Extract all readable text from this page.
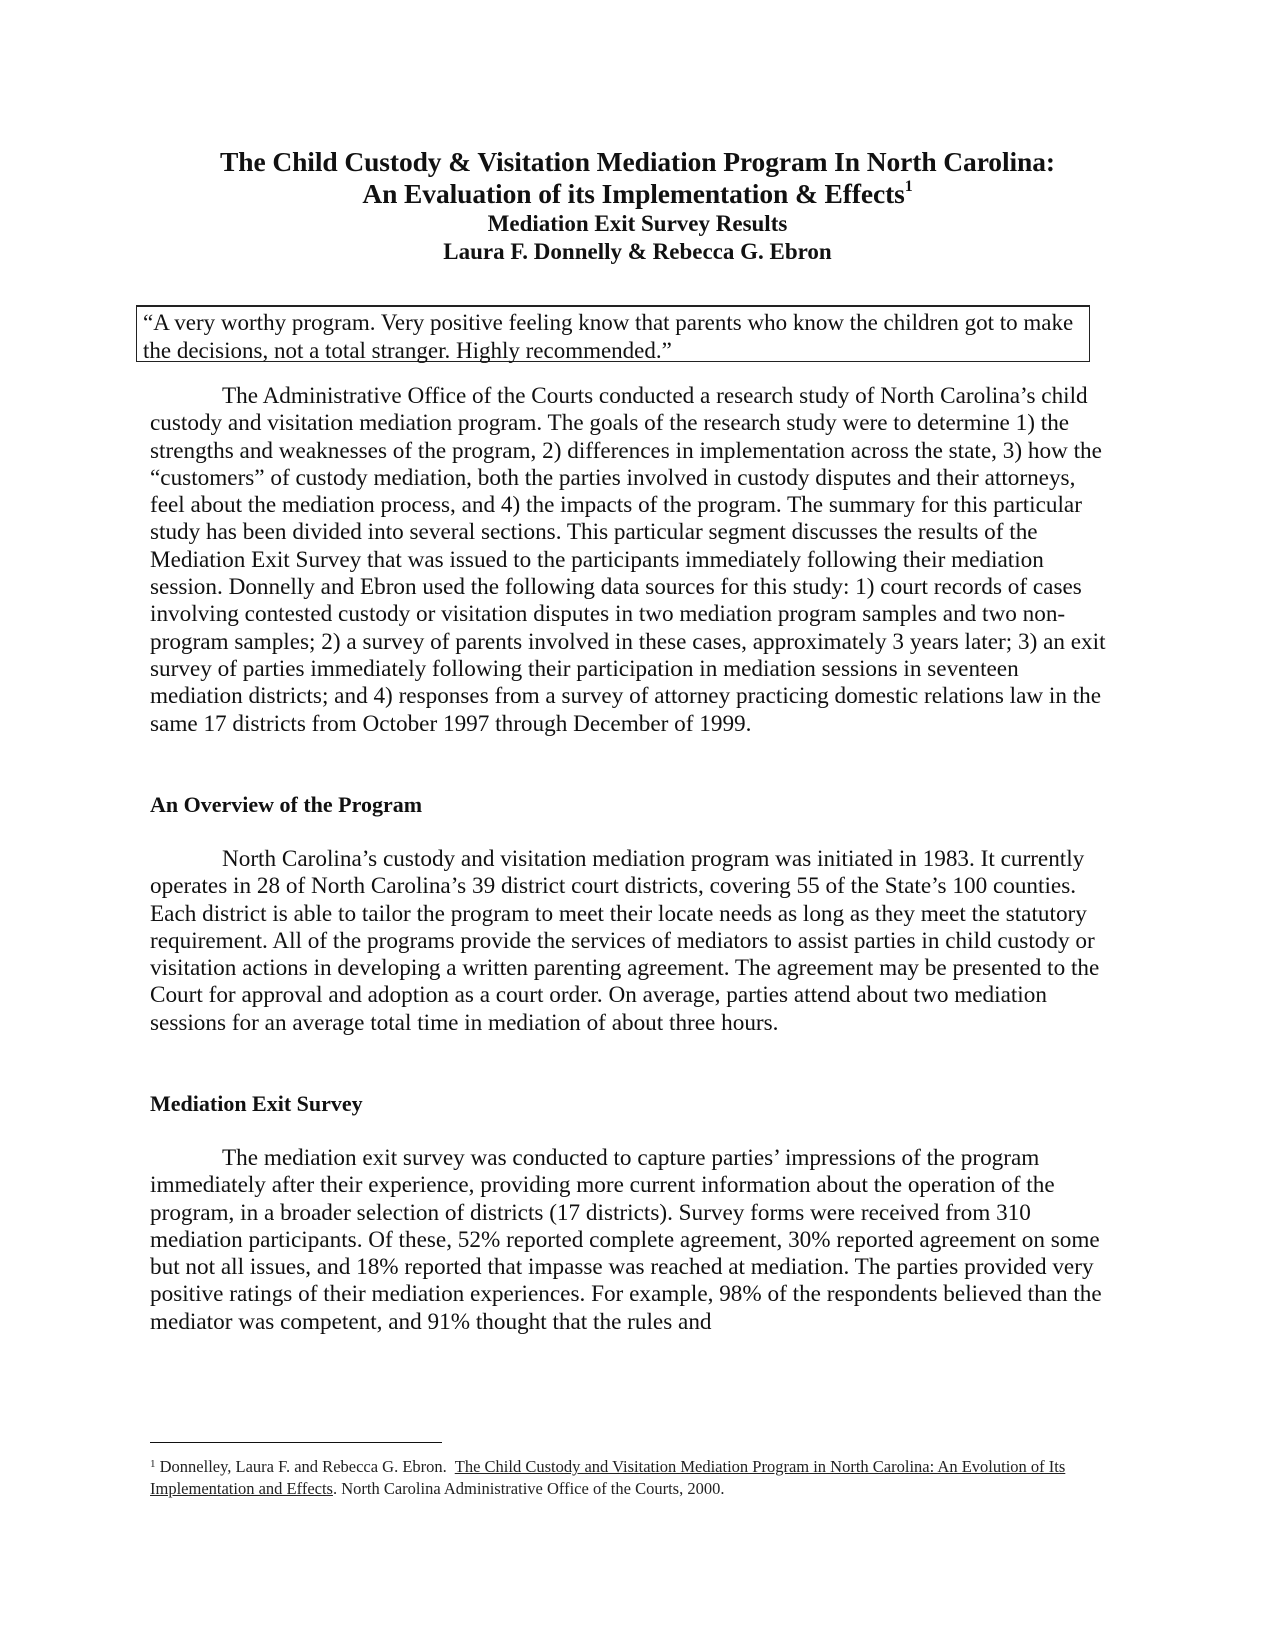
The Child Custody & Visitation Mediation Program In North Carolina:

An Evaluation of its Implementation & Effects$^1$

Mediation Exit Survey Results

Laura F. Donnelly & Rebecca G. Ebron

“A very worthy program. Very positive feeling know that parents who know the children got to make the decisions, not a total stranger. Highly recommended.”

The Administrative Office of the Courts conducted a research study of North Carolina’s child custody and visitation mediation program. The goals of the research study were to determine 1) the strengths and weaknesses of the program, 2) differences in implementation across the state, 3) how the “customers” of custody mediation, both the parties involved in custody disputes and their attorneys, feel about the mediation process, and 4) the impacts of the program. The summary for this particular study has been divided into several sections. This particular segment discusses the results of the Mediation Exit Survey that was issued to the participants immediately following their mediation session. Donnelly and Ebron used the following data sources for this study: 1) court records of cases involving contested custody or visitation disputes in two mediation program samples and two non-program samples; 2) a survey of parents involved in these cases, approximately 3 years later; 3) an exit survey of parties immediately following their participation in mediation sessions in seventeen mediation districts; and 4) responses from a survey of attorney practicing domestic relations law in the same 17 districts from October 1997 through December of 1999.

An Overview of the Program

North Carolina’s custody and visitation mediation program was initiated in 1983. It currently operates in 28 of North Carolina’s 39 district court districts, covering 55 of the State’s 100 counties. Each district is able to tailor the program to meet their locate needs as long as they meet the statutory requirement. All of the programs provide the services of mediators to assist parties in child custody or visitation actions in developing a written parenting agreement. The agreement may be presented to the Court for approval and adoption as a court order. On average, parties attend about two mediation sessions for an average total time in mediation of about three hours.

Mediation Exit Survey

The mediation exit survey was conducted to capture parties’ impressions of the program immediately after their experience, providing more current information about the operation of the program, in a broader selection of districts (17 districts). Survey forms were received from 310 mediation participants. Of these, 52% reported complete agreement, 30% reported agreement on some but not all issues, and 18% reported that impasse was reached at mediation. The parties provided very positive ratings of their mediation experiences. For example, 98% of the respondents believed than the mediator was competent, and 91% thought that the rules and

$^1$ Donnelley, Laura F. and Rebecca G. Ebron. The Child Custody and Visitation Mediation Program in North Carolina: An Evolution of Its Implementation and Effects. North Carolina Administrative Office of the Courts, 2000.
